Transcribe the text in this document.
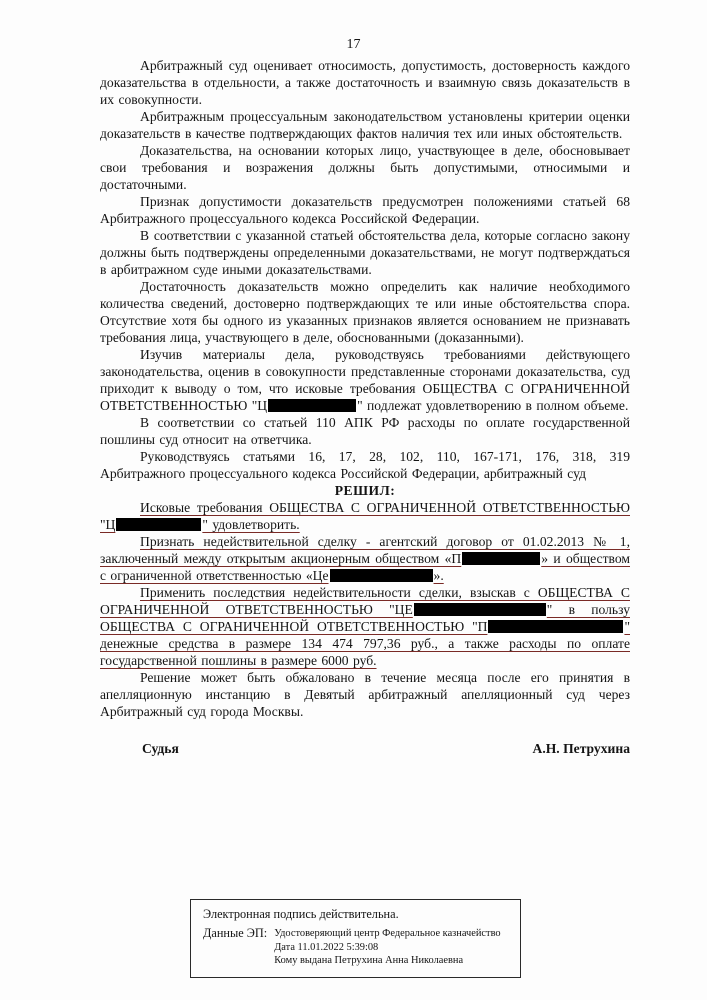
17

Арбитражный суд оценивает относимость, допустимость, достоверность каждого доказательства в отдельности, а также достаточность и взаимную связь доказательств в их совокупности.

Арбитражным процессуальным законодательством установлены критерии оценки доказательств в качестве подтверждающих фактов наличия тех или иных обстоятельств.

Доказательства, на основании которых лицо, участвующее в деле, обосновывает свои требования и возражения должны быть допустимыми, относимыми и достаточными.

Признак допустимости доказательств предусмотрен положениями статьей 68 Арбитражного процессуального кодекса Российской Федерации.

В соответствии с указанной статьей обстоятельства дела, которые согласно закону должны быть подтверждены определенными доказательствами, не могут подтверждаться в арбитражном суде иными доказательствами.

Достаточность доказательств можно определить как наличие необходимого количества сведений, достоверно подтверждающих те или иные обстоятельства спора. Отсутствие хотя бы одного из указанных признаков является основанием не признавать требования лица, участвующего в деле, обоснованными (доказанными).

Изучив материалы дела, руководствуясь требованиями действующего законодательства, оценив в совокупности представленные сторонами доказательства, суд приходит к выводу о том, что исковые требования ОБЩЕСТВА С ОГРАНИЧЕННОЙ ОТВЕТСТВЕННОСТЬЮ "Ц	" подлежат удовлетворению в полном объеме.

В соответствии со статьей 110 АПК РФ расходы по оплате государственной пошлины суд относит на ответчика.

Руководствуясь статьями 16, 17, 28, 102, 110, 167-171, 176, 318, 319 Арбитражного процессуального кодекса Российской Федерации, арбитражный суд

РЕШИЛ:

Исковые требования ОБЩЕСТВА С ОГРАНИЧЕННОЙ ОТВЕТСТВЕННОСТЬЮ "Ц	" удовлетворить.

Признать недействительной сделку - агентский договор от 01.02.2013 № 1, заключенный между открытым акционерным обществом «П	» и обществом с ограниченной ответственностью «Це	».

Применить последствия недействительности сделки, взыскав с ОБЩЕСТВА С ОГРАНИЧЕННОЙ ОТВЕТСТВЕННОСТЬЮ "ЦЕ	" в пользу ОБЩЕСТВА С ОГРАНИЧЕННОЙ ОТВЕТСТВЕННОСТЬЮ "П	" денежные средства в размере 134 474 797,36 руб., а также расходы по оплате государственной пошлины в размере 6000 руб.

Решение может быть обжаловано в течение месяца после его принятия в апелляционную инстанцию в Девятый арбитражный апелляционный суд через Арбитражный суд города Москвы.

Судья	А.Н. Петрухина
Электронная подпись действительна.
Данные ЭП: Удостоверяющий центр Федеральное казначейство
Дата 11.01.2022 5:39:08
Кому выдана Петрухина Анна Николаевна
